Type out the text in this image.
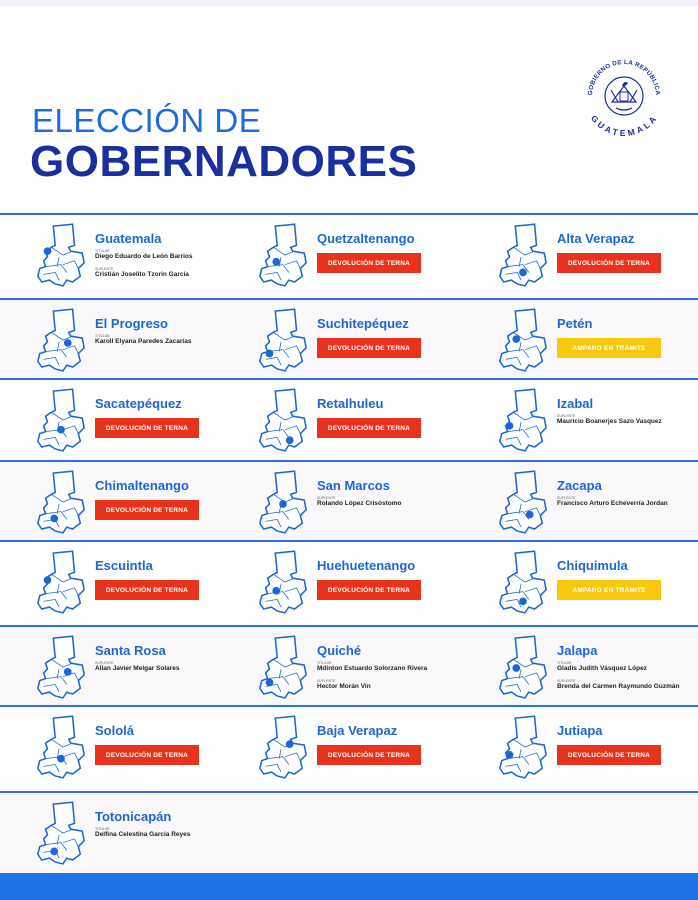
ELECCIÓN DE
GOBERNADORES
GOBIERNO DE LA REPÚBLICA
GUATEMALA
Guatemala
TITULAR
Diego Eduardo de León Barrios
SUPLENTE
Cristián Joselito Tzorin García
Quetzaltenango
DEVOLUCIÓN DE TERNA
Alta Verapaz
DEVOLUCIÓN DE TERNA
El Progreso
TITULAR
Karoll Elyana Paredes Zacarías
Suchitepéquez
DEVOLUCIÓN DE TERNA
Petén
AMPARO EN TRÁMITE
Sacatepéquez
DEVOLUCIÓN DE TERNA
Retalhuleu
DEVOLUCIÓN DE TERNA
Izabal
SUPLENTE
Mauricio Boanerjes Sazo Vasquez
Chimaltenango
DEVOLUCIÓN DE TERNA
San Marcos
SUPLENTE
Rolando López Crisóstomo
Zacapa
SUPLENTE
Francisco Arturo Echeverría Jordan
Escuintla
DEVOLUCIÓN DE TERNA
Huehuetenango
DEVOLUCIÓN DE TERNA
Chiquimula
AMPARO EN TRÁMITE
Santa Rosa
SUPLENTE
Allan Javier Melgar Solares
Quiché
TITULAR
Mdinton Estuardo Solorzano Rivera
SUPLENTE
Hector Morán Vin
Jalapa
TITULAR
Gladis Judith Vásquez López
SUPLENTE
Brenda del Carmen Raymundo Guzmán
Sololá
DEVOLUCIÓN DE TERNA
Baja Verapaz
DEVOLUCIÓN DE TERNA
Jutiapa
DEVOLUCIÓN DE TERNA
Totonicapán
TITULAR
Delfina Celestina García Reyes
